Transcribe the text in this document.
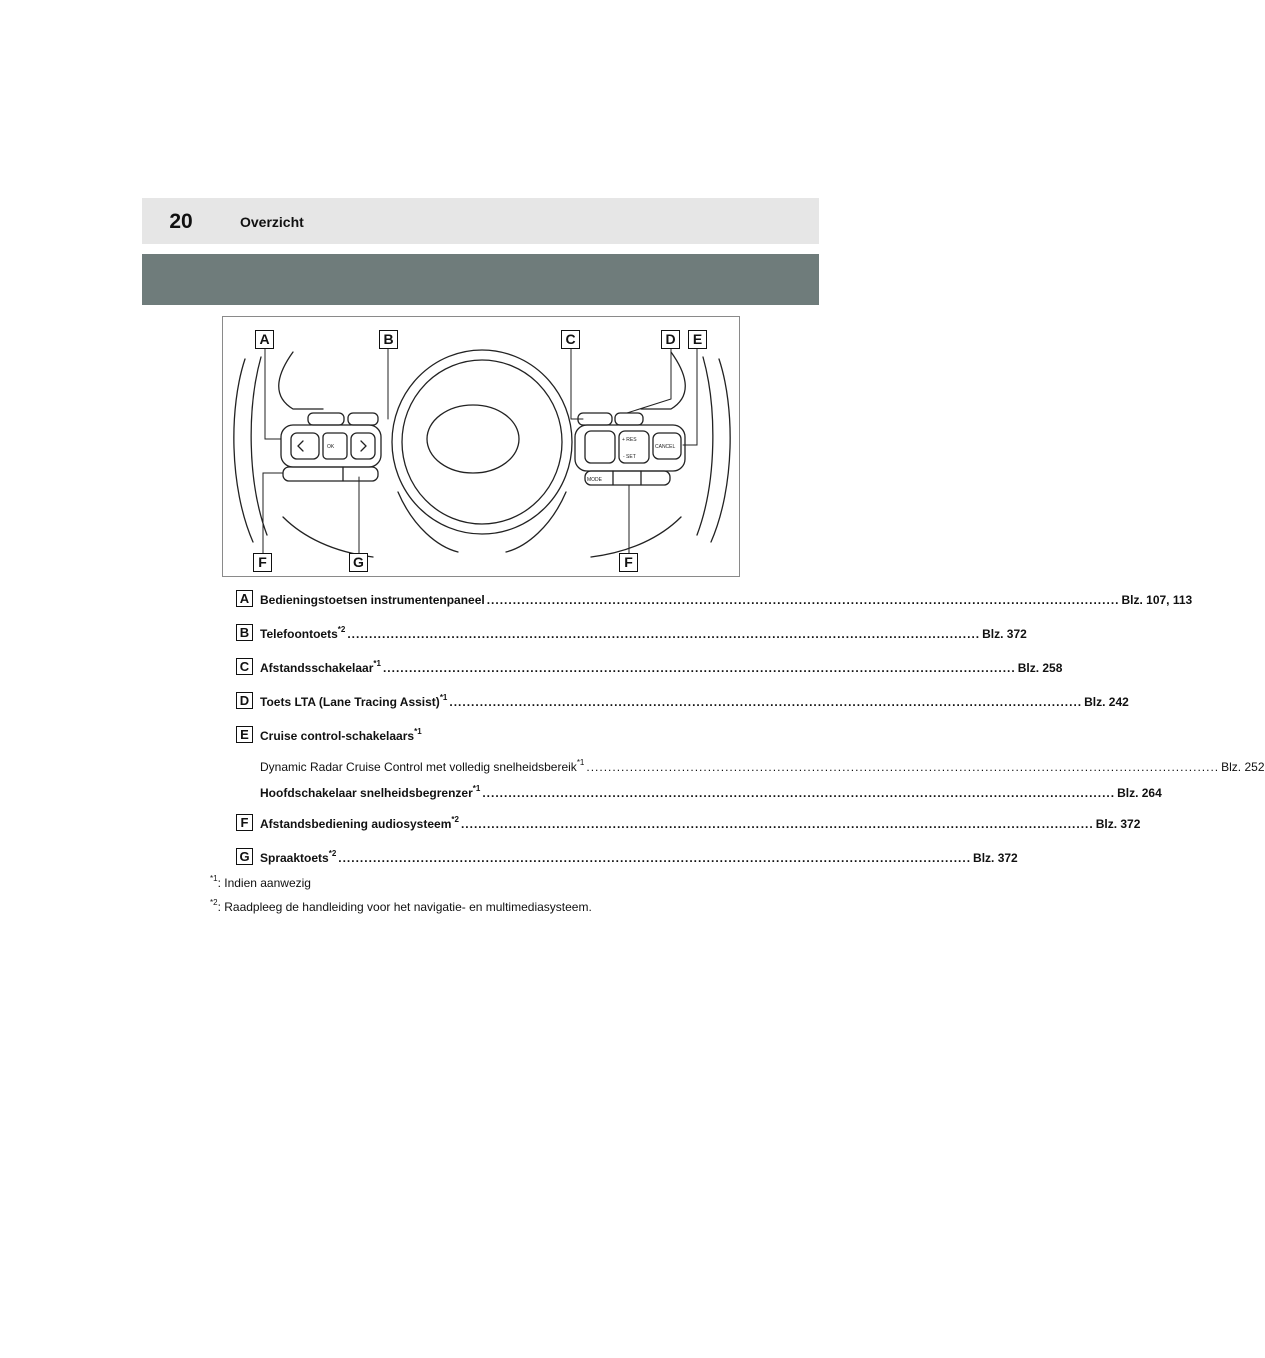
20	Overzicht
OK
MODE
CANCEL
+ RES
- SET
A	B	C	D	E
F	G	F
A Bedieningstoetsen instrumentenpaneel .................................................................................................................................................. Blz. 107, 113
B Telefoontoets$^{*2}$ .................................................................................................................................................. Blz. 372
C Afstandsschakelaar$^{*1}$ .................................................................................................................................................. Blz. 258
D Toets LTA (Lane Tracing Assist)$^{*1}$ .................................................................................................................................................. Blz. 242
E Cruise control-schakelaars$^{*1}$
Dynamic Radar Cruise Control met volledig snelheidsbereik$^{*1}$ .................................................................................................................................................. Blz. 252
Hoofdschakelaar snelheidsbegrenzer$^{*1}$ .................................................................................................................................................. Blz. 264
F Afstandsbediening audiosysteem$^{*2}$ .................................................................................................................................................. Blz. 372
G Spraaktoets$^{*2}$ .................................................................................................................................................. Blz. 372
$^{*1}$: Indien aanwezig
$^{*2}$: Raadpleeg de handleiding voor het navigatie- en multimediasysteem.
